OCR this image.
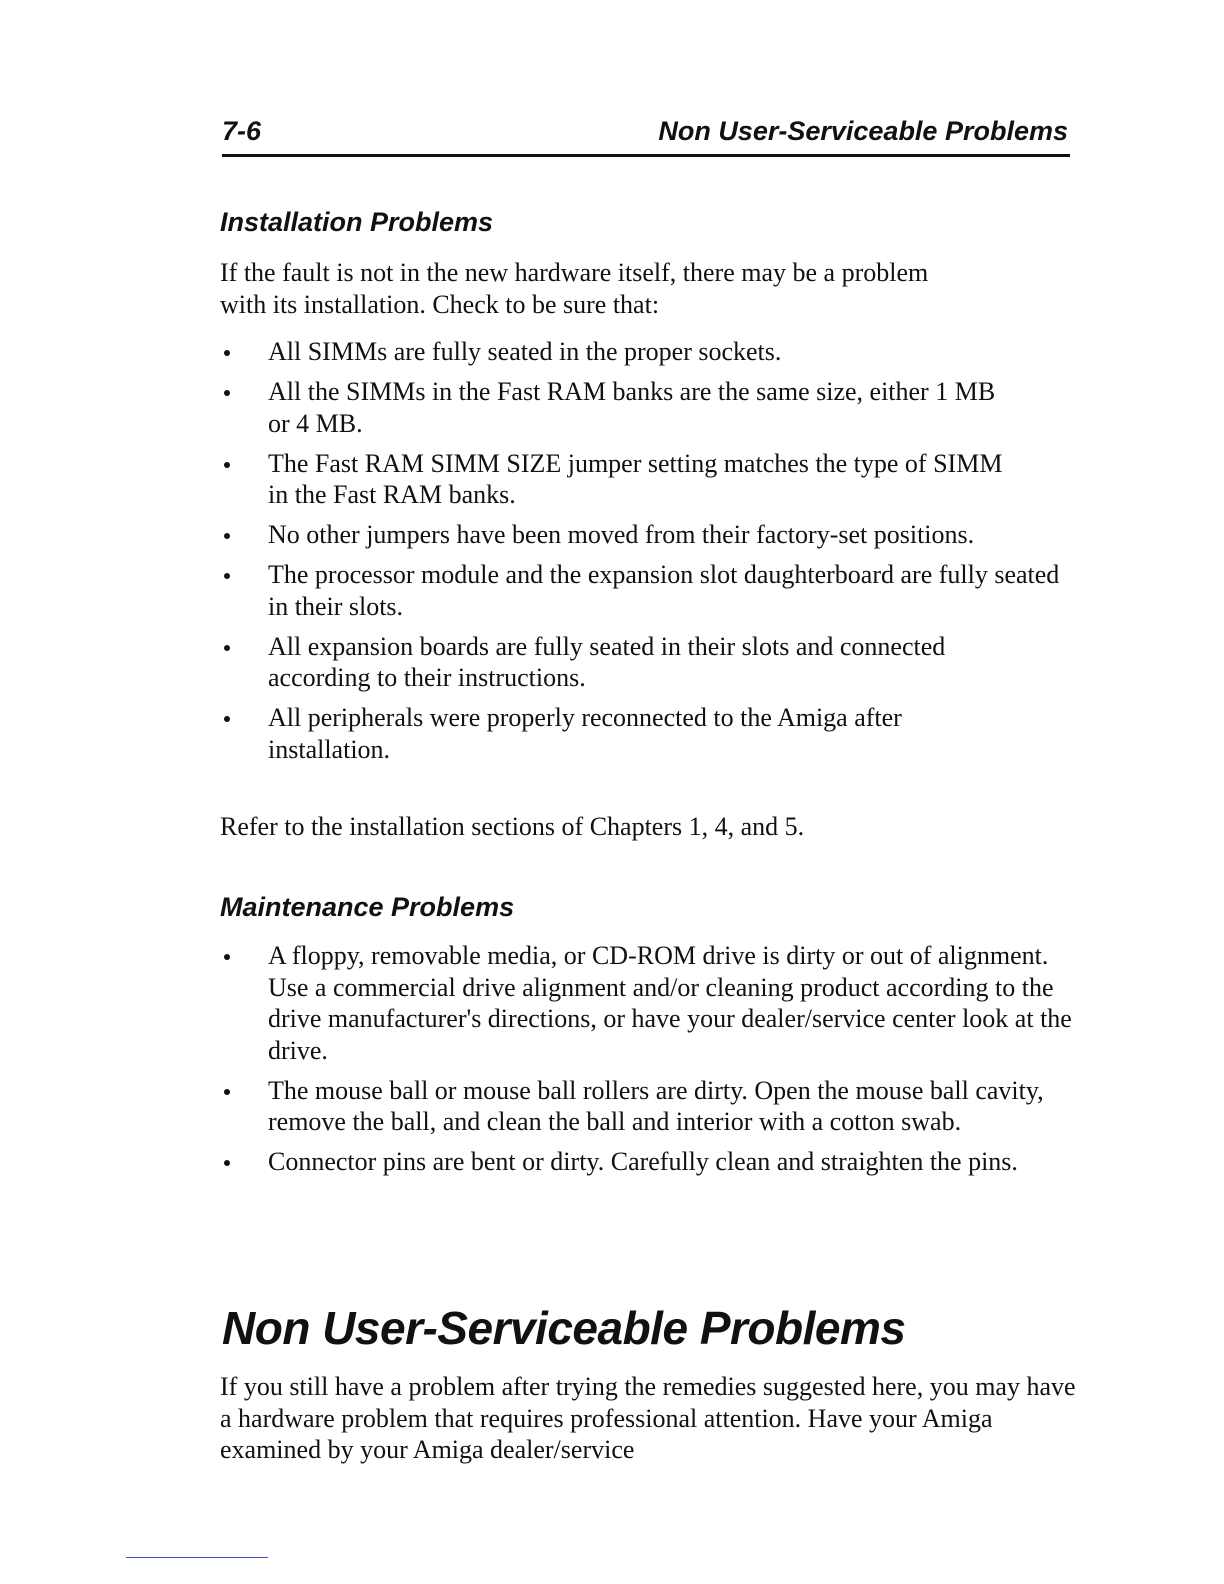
7-6	Non User-Serviceable Problems
Installation Problems

If the fault is not in the new hardware itself, there may be a problem with its installation. Check to be sure that:

All SIMMs are fully seated in the proper sockets.
All the SIMMs in the Fast RAM banks are the same size, either 1 MB or 4 MB.
The Fast RAM SIMM SIZE jumper setting matches the type of SIMM in the Fast RAM banks.
No other jumpers have been moved from their factory-set positions.
The processor module and the expansion slot daughterboard are fully seated in their slots.
All expansion boards are fully seated in their slots and connected according to their instructions.
All peripherals were properly reconnected to the Amiga after installation.

Refer to the installation sections of Chapters 1, 4, and 5.

Maintenance Problems
A floppy, removable media, or CD-ROM drive is dirty or out of alignment. Use a commercial drive alignment and/or cleaning product according to the drive manufacturer's directions, or have your dealer/service center look at the drive.
The mouse ball or mouse ball rollers are dirty. Open the mouse ball cavity, remove the ball, and clean the ball and interior with a cotton swab.
Connector pins are bent or dirty. Carefully clean and straighten the pins.
Non User-Serviceable Problems

If you still have a problem after trying the remedies suggested here, you may have a hardware problem that requires professional attention. Have your Amiga examined by your Amiga dealer/service
